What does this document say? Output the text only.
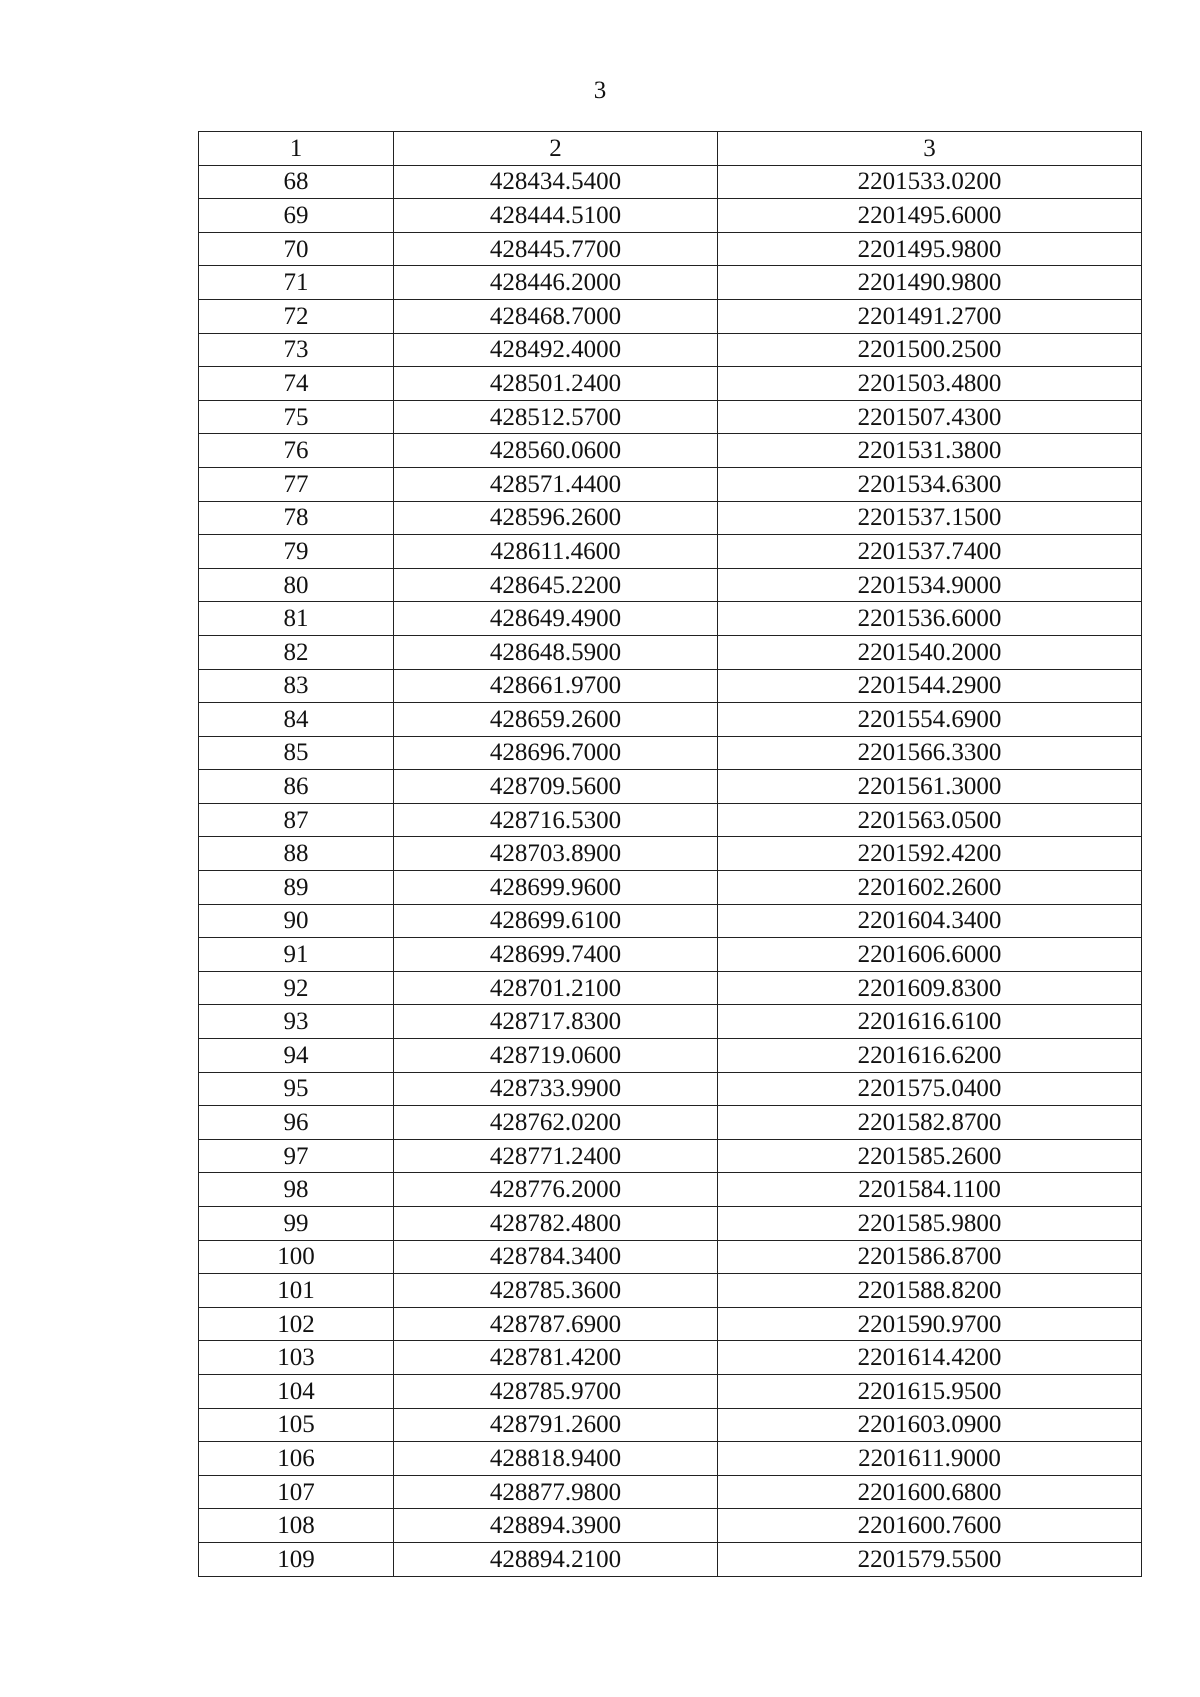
3
1	2	3
68	428434.5400	2201533.0200
69	428444.5100	2201495.6000
70	428445.7700	2201495.9800
71	428446.2000	2201490.9800
72	428468.7000	2201491.2700
73	428492.4000	2201500.2500
74	428501.2400	2201503.4800
75	428512.5700	2201507.4300
76	428560.0600	2201531.3800
77	428571.4400	2201534.6300
78	428596.2600	2201537.1500
79	428611.4600	2201537.7400
80	428645.2200	2201534.9000
81	428649.4900	2201536.6000
82	428648.5900	2201540.2000
83	428661.9700	2201544.2900
84	428659.2600	2201554.6900
85	428696.7000	2201566.3300
86	428709.5600	2201561.3000
87	428716.5300	2201563.0500
88	428703.8900	2201592.4200
89	428699.9600	2201602.2600
90	428699.6100	2201604.3400
91	428699.7400	2201606.6000
92	428701.2100	2201609.8300
93	428717.8300	2201616.6100
94	428719.0600	2201616.6200
95	428733.9900	2201575.0400
96	428762.0200	2201582.8700
97	428771.2400	2201585.2600
98	428776.2000	2201584.1100
99	428782.4800	2201585.9800
100	428784.3400	2201586.8700
101	428785.3600	2201588.8200
102	428787.6900	2201590.9700
103	428781.4200	2201614.4200
104	428785.9700	2201615.9500
105	428791.2600	2201603.0900
106	428818.9400	2201611.9000
107	428877.9800	2201600.6800
108	428894.3900	2201600.7600
109	428894.2100	2201579.5500
